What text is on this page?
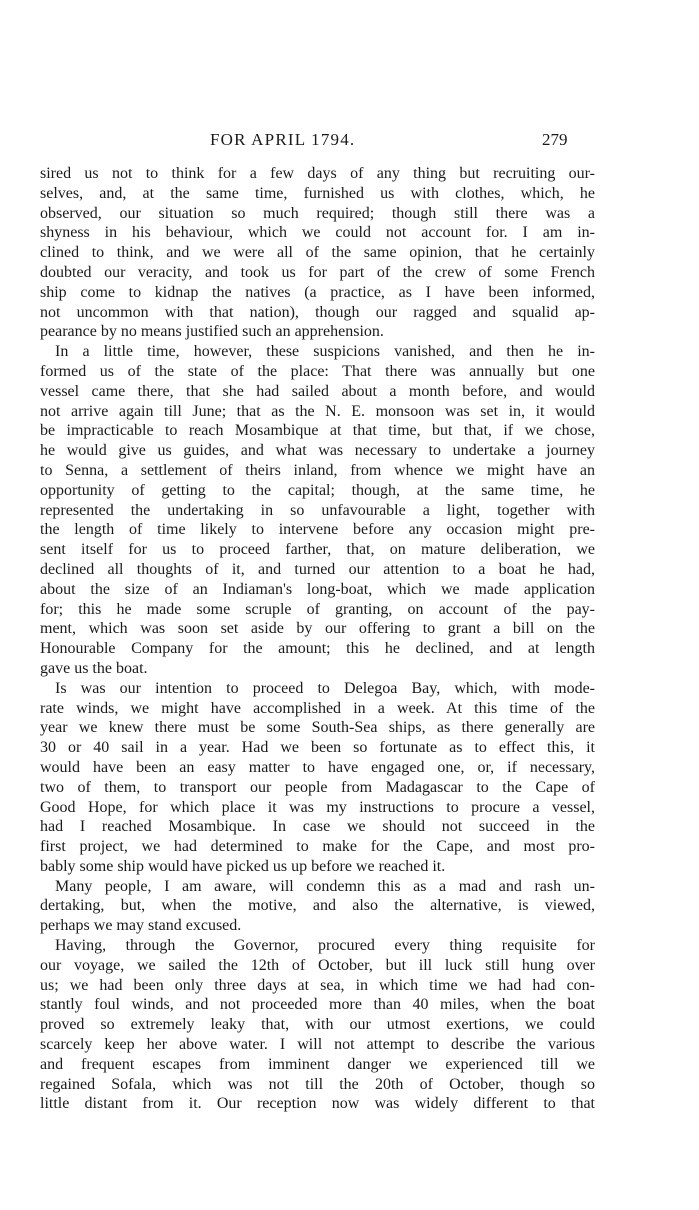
FOR APRIL 1794.	279
sired us not to think for a few days of any thing but recruiting our-
selves, and, at the same time, furnished us with clothes, which, he
observed, our situation so much required; though still there was a
shyness in his behaviour, which we could not account for. I am in-
clined to think, and we were all of the same opinion, that he certainly
doubted our veracity, and took us for part of the crew of some French
ship come to kidnap the natives (a practice, as I have been informed,
not uncommon with that nation), though our ragged and squalid ap-
pearance by no means justified such an apprehension.
In a little time, however, these suspicions vanished, and then he in-
formed us of the state of the place: That there was annually but one
vessel came there, that she had sailed about a month before, and would
not arrive again till June; that as the N. E. monsoon was set in, it would
be impracticable to reach Mosambique at that time, but that, if we chose,
he would give us guides, and what was necessary to undertake a journey
to Senna, a settlement of theirs inland, from whence we might have an
opportunity of getting to the capital; though, at the same time, he
represented the undertaking in so unfavourable a light, together with
the length of time likely to intervene before any occasion might pre-
sent itself for us to proceed farther, that, on mature deliberation, we
declined all thoughts of it, and turned our attention to a boat he had,
about the size of an Indiaman's long-boat, which we made application
for; this he made some scruple of granting, on account of the pay-
ment, which was soon set aside by our offering to grant a bill on the
Honourable Company for the amount; this he declined, and at length
gave us the boat.
Is was our intention to proceed to Delegoa Bay, which, with mode-
rate winds, we might have accomplished in a week. At this time of the
year we knew there must be some South-Sea ships, as there generally are
30 or 40 sail in a year. Had we been so fortunate as to effect this, it
would have been an easy matter to have engaged one, or, if necessary,
two of them, to transport our people from Madagascar to the Cape of
Good Hope, for which place it was my instructions to procure a vessel,
had I reached Mosambique. In case we should not succeed in the
first project, we had determined to make for the Cape, and most pro-
bably some ship would have picked us up before we reached it.
Many people, I am aware, will condemn this as a mad and rash un-
dertaking, but, when the motive, and also the alternative, is viewed,
perhaps we may stand excused.
Having, through the Governor, procured every thing requisite for
our voyage, we sailed the 12th of October, but ill luck still hung over
us; we had been only three days at sea, in which time we had had con-
stantly foul winds, and not proceeded more than 40 miles, when the boat
proved so extremely leaky that, with our utmost exertions, we could
scarcely keep her above water. I will not attempt to describe the various
and frequent escapes from imminent danger we experienced till we
regained Sofala, which was not till the 20th of October, though so
little distant from it. Our reception now was widely different to that
